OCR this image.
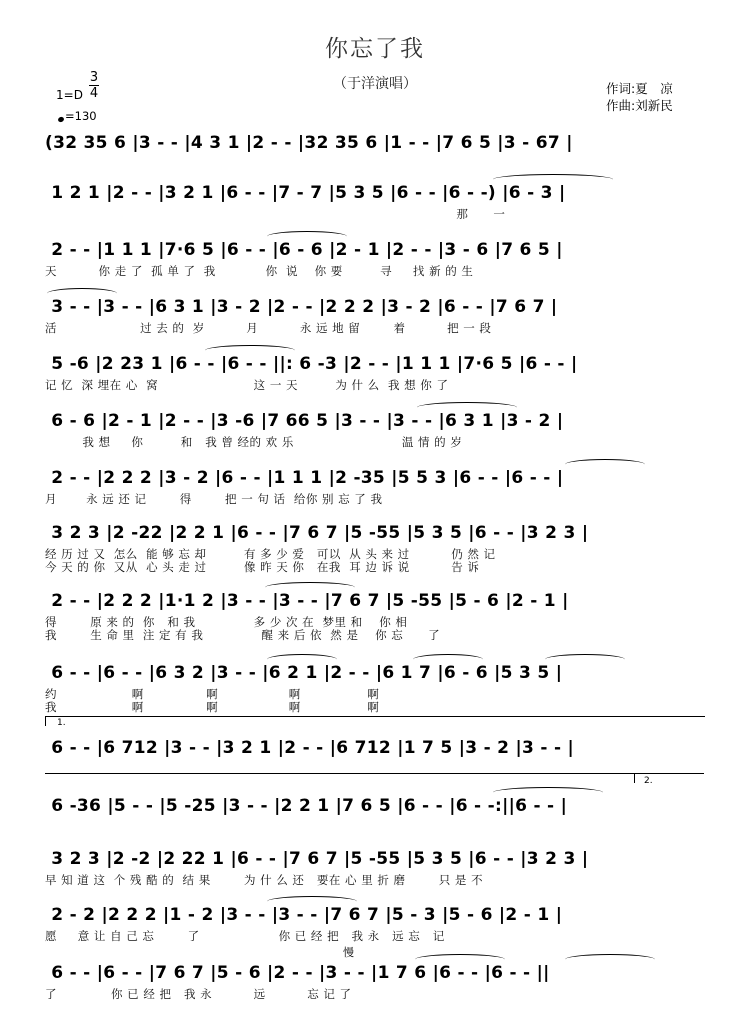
你忘了我
（于洋演唱）	作词:夏　凉
作曲:刘新民
1=D
3
4
=130
(32 35 6 |3 - - |4 3 1 |2 - - |32 35 6 |1 - - |7 6 5 |3 - 67 |
1 2 1 |2 - - |3 2 1 |6 - - |7 - 7 |5 3 5 |6 - - |6 - -) |6 - 3 |
那      一
2 - - |1 1 1 |7·6 5 |6 - - |6 - 6 |2 - 1 |2 - - |3 - 6 |7 6 5 |
天          你 走 了  孤 单 了  我            你  说    你 要         寻     找 新 的 生
3 - - |3 - - |6 3 1 |3 - 2 |2 - - |2 2 2 |3 - 2 |6 - - |7 6 7 |
活                    过 去 的  岁          月          永 远 地 留        着          把 一 段
5 -6 |2 23 1 |6 - - |6 - - ||: 6 -3 |2 - - |1 1 1 |7·6 5 |6 - - |
记 忆  深 埋在 心  窝                       这 一 天         为 什 么  我 想 你 了
6 - 6 |2 - 1 |2 - - |3 -6 |7 66 5 |3 - - |3 - - |6 3 1 |3 - 2 |
我 想     你         和   我 曾 经的 欢 乐                          温 情 的 岁
2 - - |2 2 2 |3 - 2 |6 - - |1 1 1 |2 -35 |5 5 3 |6 - - |6 - - |
月       永 远 还 记        得        把 一 句 话  给你 别 忘 了 我
3 2 3 |2 -22 |2 2 1 |6 - - |7 6 7 |5 -55 |5 3 5 |6 - - |3 2 3 |
经 历 过 又  怎么  能 够 忘 却         有 多 少 爱   可以  从 头 来 过          仍 然 记
今 天 的 你  又从  心 头 走 过         像 昨 天 你   在我  耳 边 诉 说          告 诉
2 - - |2 2 2 |1·1 2 |3 - - |3 - - |7 6 7 |5 -55 |5 - 6 |2 - 1 |
得        原 来 的  你   和 我              多 少 次 在  梦里 和    你 相
我        生 命 里  注 定 有 我              醒 来 后 依  然 是    你 忘      了
6 - - |6 - - |6 3 2 |3 - - |6 2 1 |2 - - |6 1 7 |6 - 6 |5 3 5 |
约                  啊               啊                 啊                啊
我                  啊               啊                 啊                啊
1.
6 - - |6 712 |3 - - |3 2 1 |2 - - |6 712 |1 7 5 |3 - 2 |3 - - |
2.
6 -36 |5 - - |5 -25 |3 - - |2 2 1 |7 6 5 |6 - - |6 - -:||6 - - |
3 2 3 |2 -2 |2 22 1 |6 - - |7 6 7 |5 -55 |5 3 5 |6 - - |3 2 3 |
早 知 道 这  个 残 酷 的  结 果        为 什 么 还   要在 心 里 折 磨        只 是 不
2 - 2 |2 2 2 |1 - 2 |3 - - |3 - - |7 6 7 |5 - 3 |5 - 6 |2 - 1 |
愿     意 让 自 己 忘        了                   你 已 经 把   我 永   远 忘   记
慢
6 - - |6 - - |7 6 7 |5 - 6 |2 - - |3 - - |1 7 6 |6 - - |6 - - ||
了             你 已 经 把   我 永          远          忘 记 了
